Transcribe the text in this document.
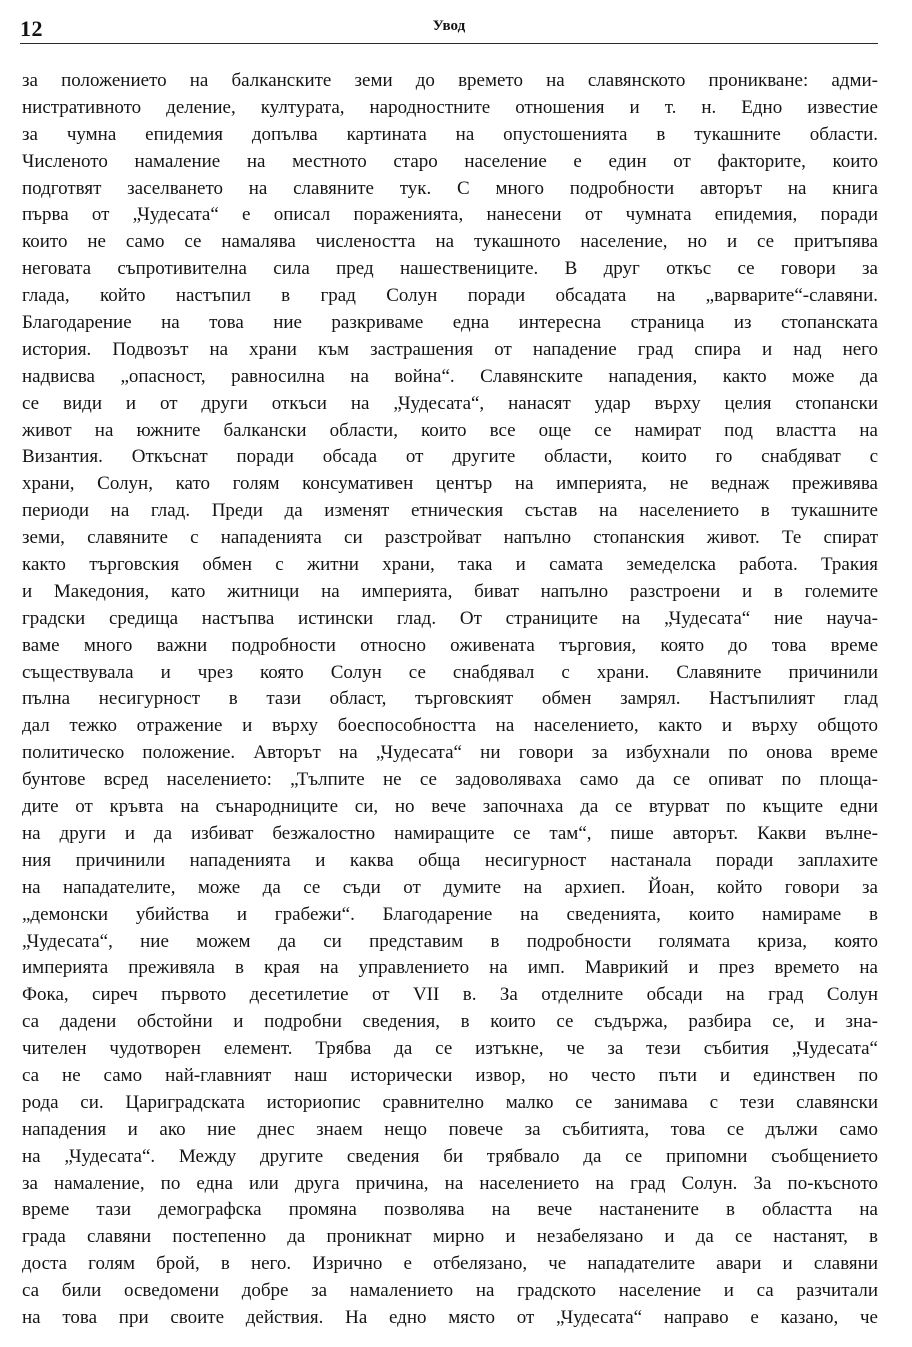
12	Увод
за положението на балканските земи до времето на славянското проникване: адми-
нистративното деление, културата, народностните отношения и т. н. Едно известие
за чумна епидемия допълва картината на опустошенията в тукашните области.
Численото намаление на местното старо население е един от факторите, които
подготвят заселването на славяните тук. С много подробности авторът на книга
първа от „Чудесата“ е описал пораженията, нанесени от чумната епидемия, поради
които не само се намалява числеността на тукашното население, но и се притъпява
неговата съпротивителна сила пред нашествениците. В друг откъс се говори за
глада, който настъпил в град Солун поради обсадата на „варварите“-славяни.
Благодарение на това ние разкриваме една интересна страница из стопанската
история. Подвозът на храни към застрашения от нападение град спира и над него
надвисва „опасност, равносилна на война“. Славянските нападения, както може да
се види и от други откъси на „Чудесата“, нанасят удар върху целия стопански
живот на южните балкански области, които все още се намират под властта на
Византия. Откъснат поради обсада от другите области, които го снабдяват с
храни, Солун, като голям консумативен център на империята, не веднаж преживява
периоди на глад. Преди да изменят етническия състав на населението в тукашните
земи, славяните с нападенията си разстройват напълно стопанския живот. Те спират
както търговския обмен с житни храни, така и самата земеделска работа. Тракия
и Македония, като житници на империята, биват напълно разстроени и в големите
градски средища настъпва истински глад. От страниците на „Чудесата“ ние научa-
ваме много важни подробности относно оживената търговия, която до това време
съществувала и чрез която Солун се снабдявал с храни. Славяните причинили
пълна несигурност в тази област, търговският обмен замрял. Настъпилият глад
дал тежко отражение и върху боеспособността на населението, както и върху общото
политическо положение. Авторът на „Чудесата“ ни говори за избухнали по онова време
бунтове всред населението: „Тълпите не се задоволяваха само да се опиват по площа-
дите от кръвта на сънародниците си, но вече започнаха да се втурват по къщите едни
на други и да избиват безжалостно намиращите се там“, пише авторът. Какви вълне-
ния причинили нападенията и каква обща несигурност настанала поради заплахите
на нападателите, може да се съди от думите на архиеп. Йоан, който говори за
„демонски убийства и грабежи“. Благодарение на сведенията, които намираме в
„Чудесата“, ние можем да си представим в подробности голямата криза, която
империята преживяла в края на управлението на имп. Маврикий и през времето на
Фока, сиреч първото десетилетие от VII в. За отделните обсади на град Солун
са дадени обстойни и подробни сведения, в които се съдържа, разбира се, и зна-
чителен чудотворен елемент. Трябва да се изтъкне, че за тези събития „Чудесата“
са не само най-главният наш исторически извор, но често пъти и единствен по
рода си. Цариградската историопис сравнително малко се занимава с тези славянски
нападения и ако ние днес знаем нещо повече за събитията, това се дължи само
на „Чудесата“. Между другите сведения би трябвало да се припомни съобщението
за намаление, по една или друга причина, на населението на град Солун. За по-късното
време тази демографска промяна позволява на вече настанените в областта на
града славяни постепенно да проникнат мирно и незабелязано и да се настанят, в
доста голям брой, в него. Изрично е отбелязано, че нападателите авари и славяни
са били осведомени добре за намалението на градското население и са разчитали
на това при своите действия. На едно място от „Чудесата“ направо е казано, че
